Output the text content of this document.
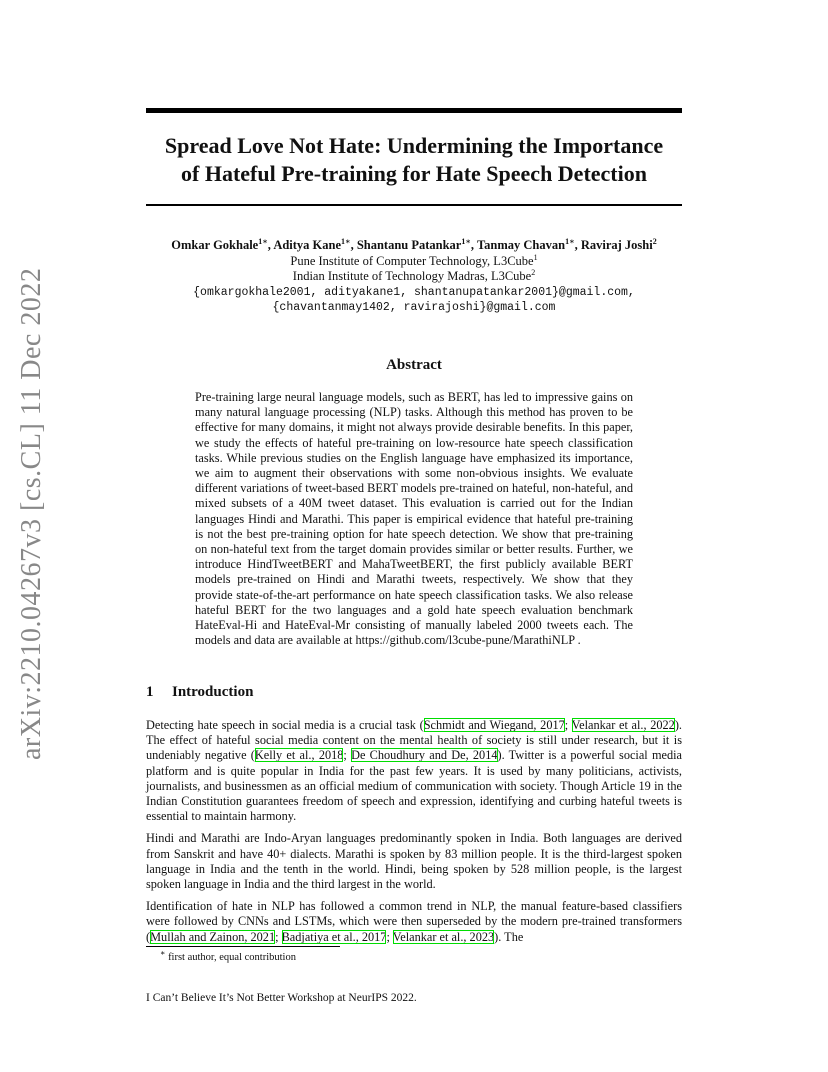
arXiv:2210.04267v3 [cs.CL] 11 Dec 2022
Spread Love Not Hate: Undermining the Importance
of Hateful Pre-training for Hate Speech Detection
Omkar Gokhale$^{1∗}$, Aditya Kane$^{1∗}$, Shantanu Patankar$^{1∗}$, Tanmay Chavan$^{1∗}$, Raviraj Joshi$^2$
Pune Institute of Computer Technology, L3Cube$^1$
Indian Institute of Technology Madras, L3Cube$^2$
{omkargokhale2001, adityakane1, shantanupatankar2001}@gmail.com,
{chavantanmay1402, ravirajoshi}@gmail.com
Abstract
Pre-training large neural language models, such as BERT, has led to impressive gains on many natural language processing (NLP) tasks. Although this method has proven to be effective for many domains, it might not always provide desirable benefits. In this paper, we study the effects of hateful pre-training on low-resource hate speech classification tasks. While previous studies on the English language have emphasized its importance, we aim to augment their observations with some non-obvious insights. We evaluate different variations of tweet-based BERT models pre-trained on hateful, non-hateful, and mixed subsets of a 40M tweet dataset. This evaluation is carried out for the Indian languages Hindi and Marathi. This paper is empirical evidence that hateful pre-training is not the best pre-training option for hate speech detection. We show that pre-training on non-hateful text from the target domain provides similar or better results. Further, we introduce HindTweetBERT and MahaTweetBERT, the first publicly available BERT models pre-trained on Hindi and Marathi tweets, respectively. We show that they provide state-of-the-art performance on hate speech classification tasks. We also release hateful BERT for the two languages and a gold hate speech evaluation benchmark HateEval-Hi and HateEval-Mr consisting of manually labeled 2000 tweets each. The models and data are available at https://github.com/l3cube-pune/MarathiNLP .
1 Introduction

Detecting hate speech in social media is a crucial task (Schmidt and Wiegand, 2017; Velankar et al., 2022). The effect of hateful social media content on the mental health of society is still under research, but it is undeniably negative (Kelly et al., 2018; De Choudhury and De, 2014). Twitter is a powerful social media platform and is quite popular in India for the past few years. It is used by many politicians, activists, journalists, and businessmen as an official medium of communication with society. Though Article 19 in the Indian Constitution guarantees freedom of speech and expression, identifying and curbing hateful tweets is essential to maintain harmony.

Hindi and Marathi are Indo-Aryan languages predominantly spoken in India. Both languages are derived from Sanskrit and have 40+ dialects. Marathi is spoken by 83 million people. It is the third-largest spoken language in India and the tenth in the world. Hindi, being spoken by 528 million people, is the largest spoken language in India and the third largest in the world.

Identification of hate in NLP has followed a common trend in NLP, the manual feature-based classifiers were followed by CNNs and LSTMs, which were then superseded by the modern pre-trained transformers (Mullah and Zainon, 2021; Badjatiya et al., 2017; Velankar et al., 2023). The

∗ first author, equal contribution
I Can’t Believe It’s Not Better Workshop at NeurIPS 2022.
